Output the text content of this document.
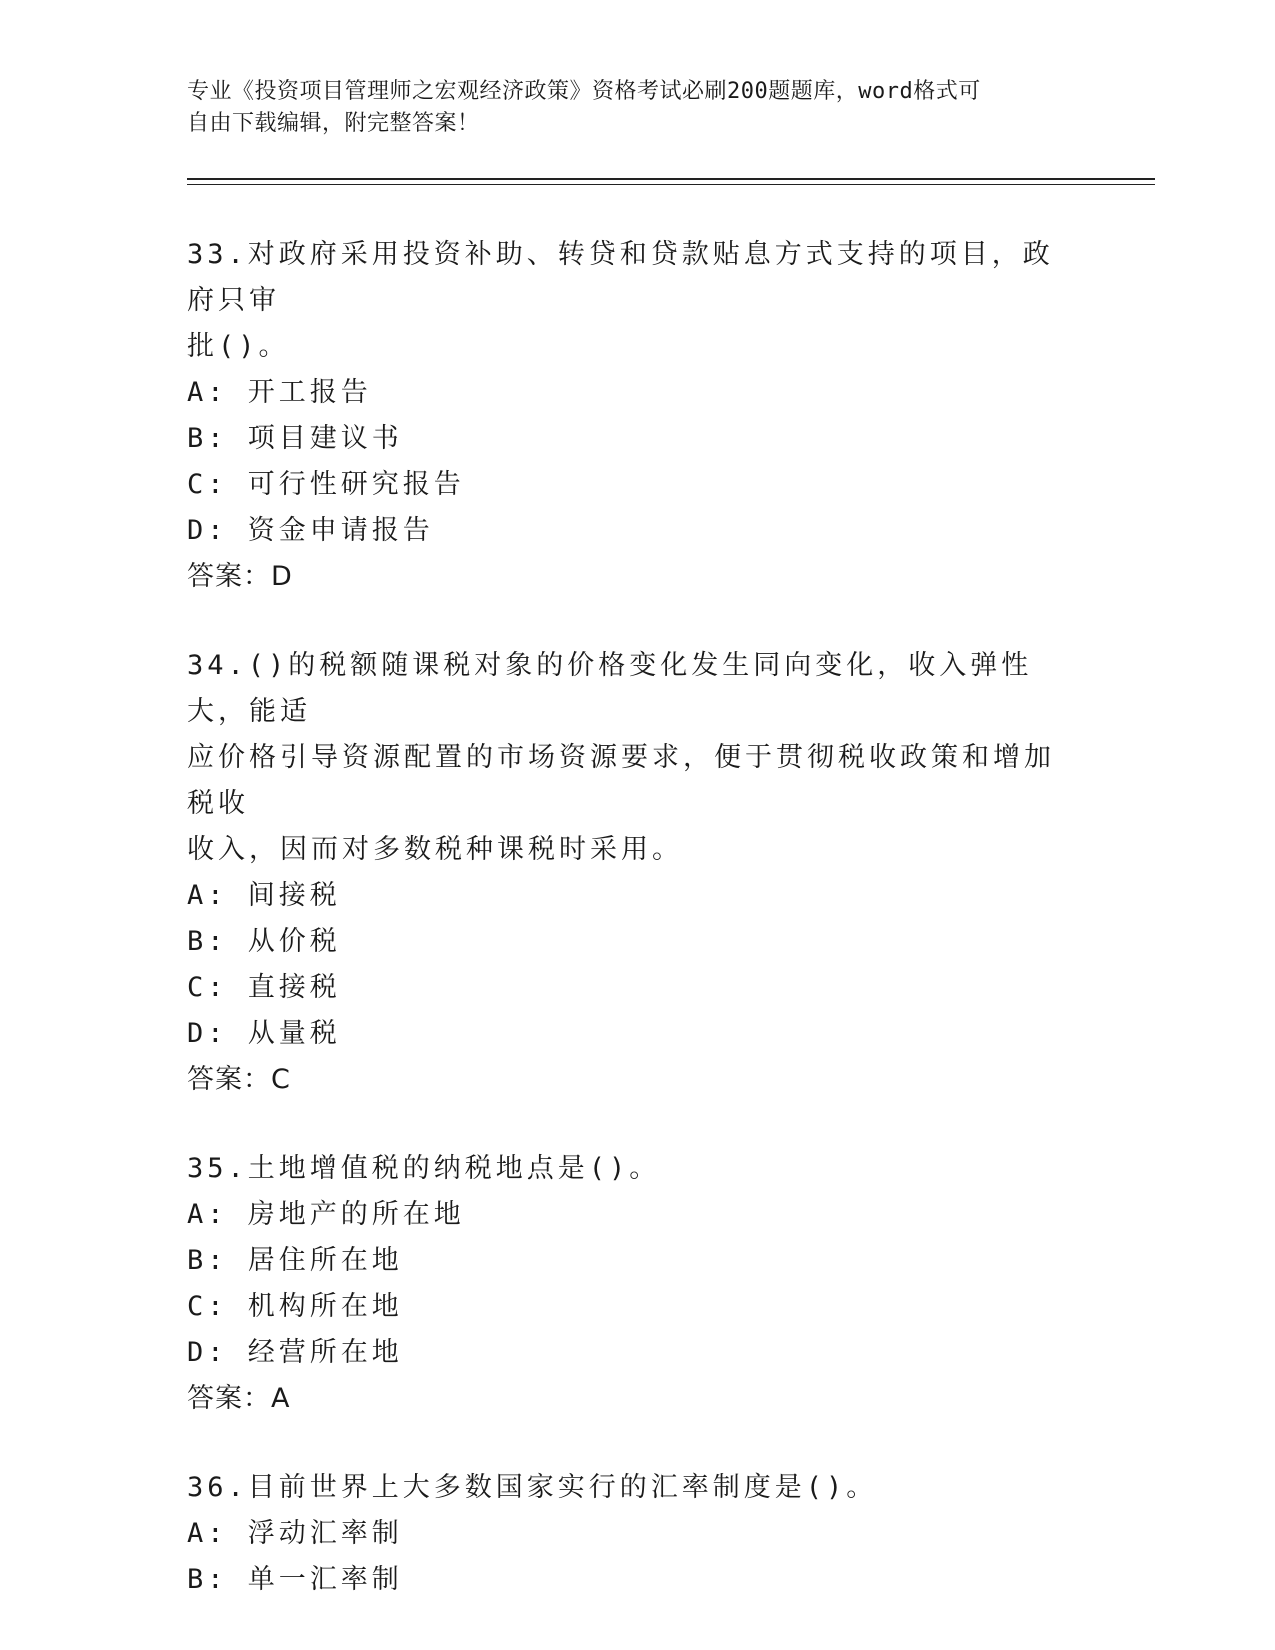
专业《投资项目管理师之宏观经济政策》资格考试必刷200题题库，word格式可
自由下载编辑，附完整答案！
33.对政府采用投资补助、转贷和贷款贴息方式支持的项目，政府只审
批()。
A: 开工报告
B: 项目建议书
C: 可行性研究报告
D: 资金申请报告
答案：D
34.()的税额随课税对象的价格变化发生同向变化，收入弹性大，能适
应价格引导资源配置的市场资源要求，便于贯彻税收政策和增加税收
收入，因而对多数税种课税时采用。
A: 间接税
B: 从价税
C: 直接税
D: 从量税
答案：C
35.土地增值税的纳税地点是()。
A: 房地产的所在地
B: 居住所在地
C: 机构所在地
D: 经营所在地
答案：A
36.目前世界上大多数国家实行的汇率制度是()。
A: 浮动汇率制
B: 单一汇率制
